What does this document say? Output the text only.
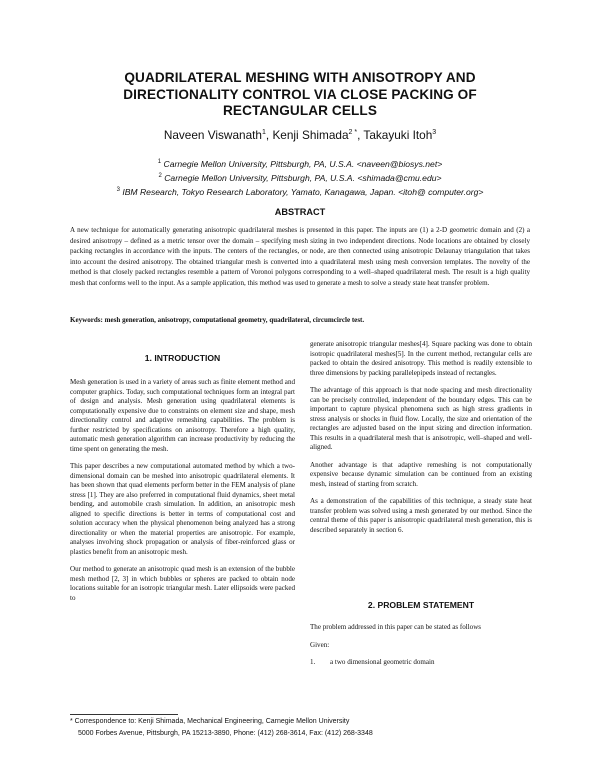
QUADRILATERAL MESHING WITH ANISOTROPY AND
DIRECTIONALITY CONTROL VIA CLOSE PACKING OF
RECTANGULAR CELLS
Naveen Viswanath$^1$, Kenji Shimada$^{2 *}$, Takayuki Itoh$^3$
$^1$ Carnegie Mellon University, Pittsburgh, PA, U.S.A. <naveen@biosys.net>
$^2$ Carnegie Mellon University, Pittsburgh, PA, U.S.A. <shimada@cmu.edu>
$^3$ IBM Research, Tokyo Research Laboratory, Yamato, Kanagawa, Japan. <itoh@ computer.org>
ABSTRACT
A new technique for automatically generating anisotropic quadrilateral meshes is presented in this paper. The inputs are (1) a 2-D geometric domain and (2) a desired anisotropy – defined as a metric tensor over the domain – specifying mesh sizing in two independent directions. Node locations are obtained by closely packing rectangles in accordance with the inputs. The centers of the rectangles, or node, are then connected using anisotropic Delaunay triangulation that takes into account the desired anisotropy. The obtained triangular mesh is converted into a quadrilateral mesh using mesh conversion templates. The novelty of the method is that closely packed rectangles resemble a pattern of Voronoi polygons corresponding to a well–shaped quadrilateral mesh. The result is a high quality mesh that conforms well to the input. As a sample application, this method was used to generate a mesh to solve a steady state heat transfer problem.
Keywords: mesh generation, anisotropy, computational geometry, quadrilateral, circumcircle test.
1. INTRODUCTION

Mesh generation is used in a variety of areas such as finite element method and computer graphics. Today, such computational techniques form an integral part of design and analysis. Mesh generation using quadrilateral elements is computationally expensive due to constraints on element size and shape, mesh directionality control and adaptive remeshing capabilities. The problem is further restricted by specifications on anisotropy. Therefore a high quality, automatic mesh generation algorithm can increase productivity by reducing the time spent on generating the mesh.

This paper describes a new computational automated method by which a two-dimensional domain can be meshed into anisotropic quadrilateral elements. It has been shown that quad elements perform better in the FEM analysis of plane stress [1]. They are also preferred in computational fluid dynamics, sheet metal bending, and automobile crash simulation. In addition, an anisotropic mesh aligned to specific directions is better in terms of computational cost and solution accuracy when the physical phenomenon being analyzed has a strong directionality or when the material properties are anisotropic. For example, analyses involving shock propagation or analysis of fiber-reinforced glass or plastics benefit from an anisotropic mesh.

Our method to generate an anisotropic quad mesh is an extension of the bubble mesh method [2, 3] in which bubbles or spheres are packed to obtain node locations suitable for an isotropic triangular mesh. Later ellipsoids were packed to

generate anisotropic triangular meshes[4]. Square packing was done to obtain isotropic quadrilateral meshes[5]. In the current method, rectangular cells are packed to obtain the desired anisotropy. This method is readily extensible to three dimensions by packing parallelepipeds instead of rectangles.

The advantage of this approach is that node spacing and mesh directionality can be precisely controlled, independent of the boundary edges. This can be important to capture physical phenomena such as high stress gradients in stress analysis or shocks in fluid flow. Locally, the size and orientation of the rectangles are adjusted based on the input sizing and direction information. This results in a quadrilateral mesh that is anisotropic, well–shaped and well-aligned.

Another advantage is that adaptive remeshing is not computationally expensive because dynamic simulation can be continued from an existing mesh, instead of starting from scratch.

As a demonstration of the capabilities of this technique, a steady state heat transfer problem was solved using a mesh generated by our method. Since the central theme of this paper is anisotropic quadrilateral mesh generation, this is described separately in section 6.

2. PROBLEM STATEMENT

The problem addressed in this paper can be stated as follows

Given:

1.	a two dimensional geometric domain
* Correspondence to: Kenji Shimada, Mechanical Engineering, Carnegie Mellon University
5000 Forbes Avenue, Pittsburgh, PA 15213-3890, Phone: (412) 268-3614, Fax: (412) 268-3348
